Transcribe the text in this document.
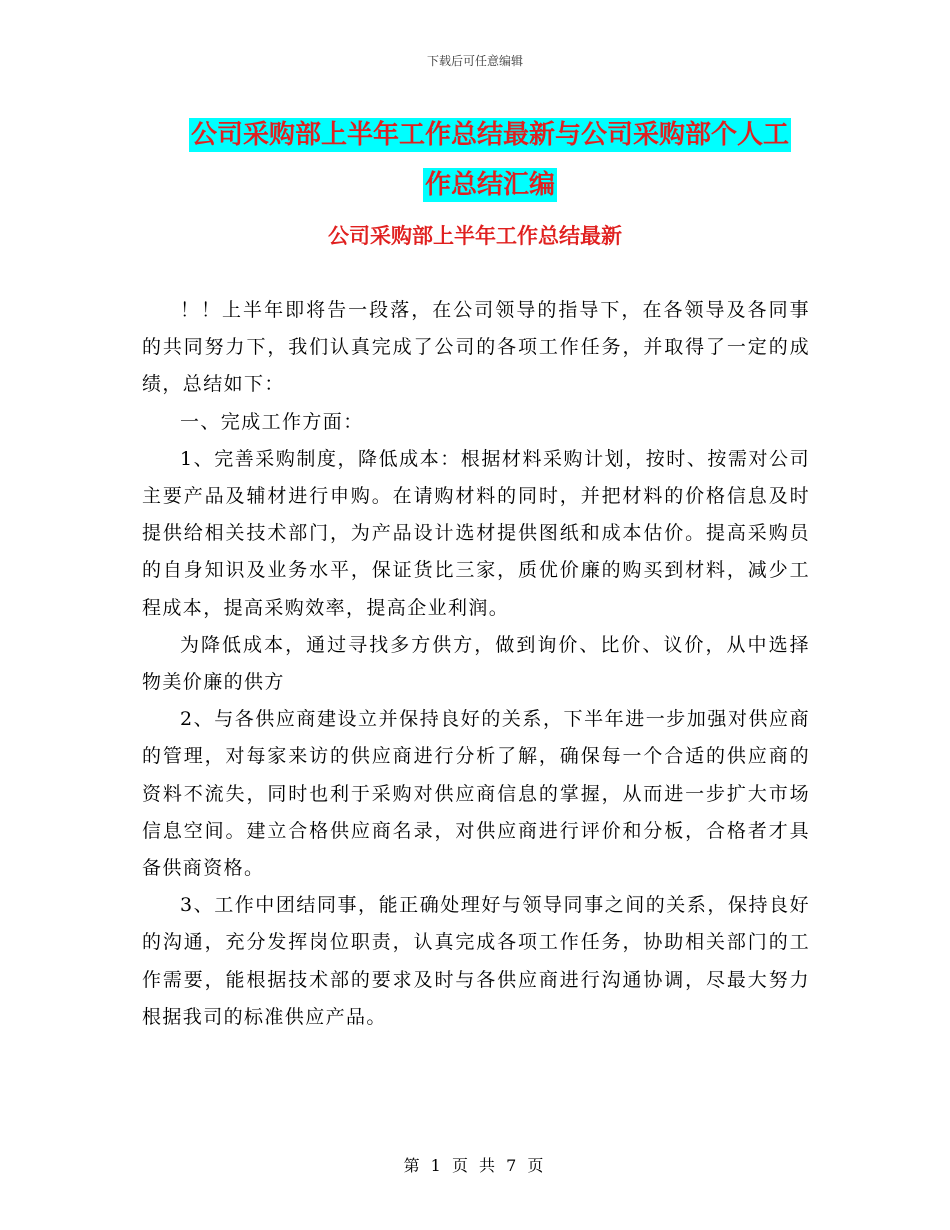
下载后可任意编辑
公司采购部上半年工作总结最新与公司采购部个人工
作总结汇编
公司采购部上半年工作总结最新

！！上半年即将告一段落，在公司领导的指导下，在各领导及各同事的共同努力下，我们认真完成了公司的各项工作任务，并取得了一定的成绩，总结如下：

一、完成工作方面：

1、完善采购制度，降低成本：根据材料采购计划，按时、按需对公司主要产品及辅材进行申购。在请购材料的同时，并把材料的价格信息及时提供给相关技术部门，为产品设计选材提供图纸和成本估价。提高采购员的自身知识及业务水平，保证货比三家，质优价廉的购买到材料，减少工程成本，提高采购效率，提高企业利润。

为降低成本，通过寻找多方供方，做到询价、比价、议价，从中选择物美价廉的供方

2、与各供应商建设立并保持良好的关系，下半年进一步加强对供应商的管理，对每家来访的供应商进行分析了解，确保每一个合适的供应商的资料不流失，同时也利于采购对供应商信息的掌握，从而进一步扩大市场信息空间。建立合格供应商名录，对供应商进行评价和分板，合格者才具备供商资格。

3、工作中团结同事，能正确处理好与领导同事之间的关系，保持良好的沟通，充分发挥岗位职责，认真完成各项工作任务，协助相关部门的工作需要，能根据技术部的要求及时与各供应商进行沟通协调，尽最大努力根据我司的标准供应产品。

第 1 页 共 7 页
